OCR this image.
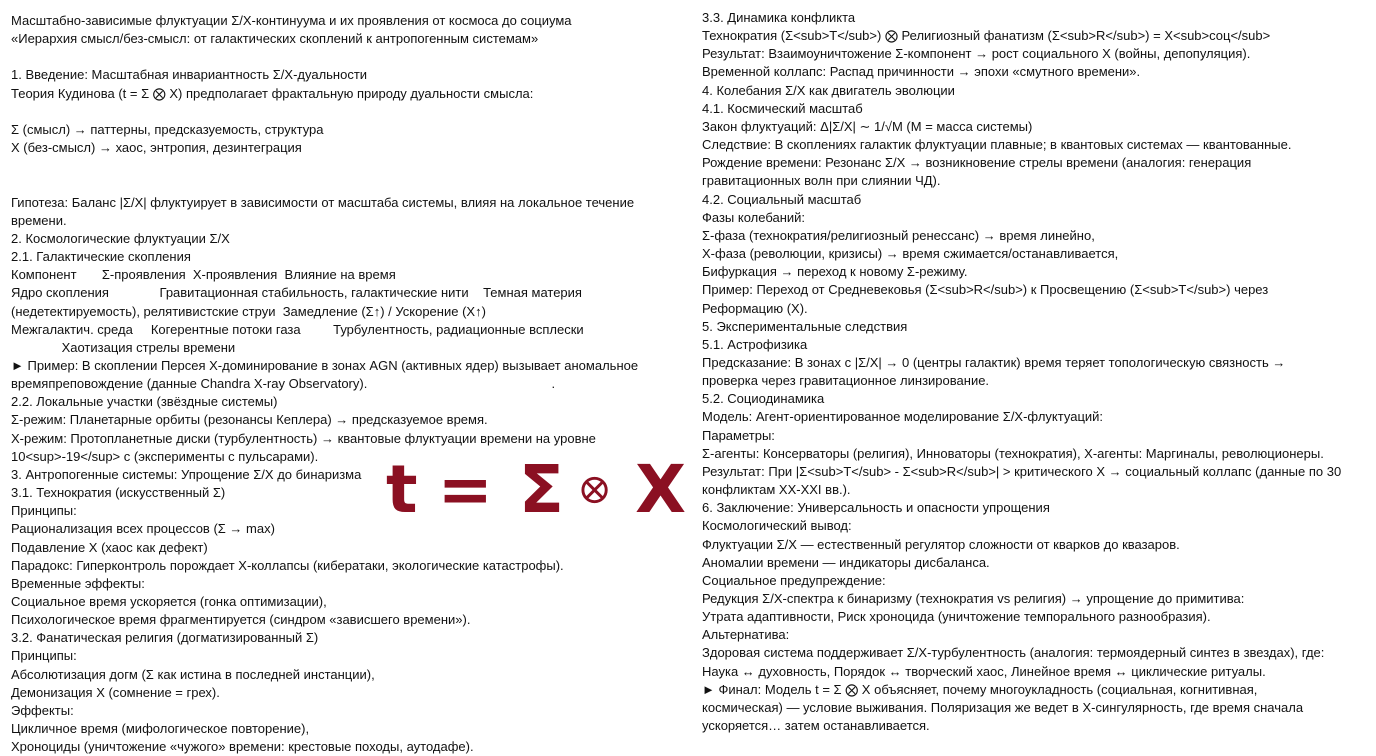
Масштабно-зависимые флуктуации Σ/X-континуума и их проявления от космоса до социума
«Иерархия смысл/без-смысл: от галактических скоплений к антропогенным системам»

1. Введение: Масштабная инвариантность Σ/X-дуальности
Теория Кудинова (t = Σ ⨂ X) предполагает фрактальную природу дуальности смысла:

Σ (смысл) → паттерны, предсказуемость, структура
X (без-смысл) → хаос, энтропия, дезинтеграция

Гипотеза: Баланс |Σ/X| флуктуирует в зависимости от масштаба системы, влияя на локальное течение
времени.
2. Космологические флуктуации Σ/X
2.1. Галактические скопления
Компонент       Σ-проявления  X-проявления  Влияние на время
Ядро скопления              Гравитационная стабильность, галактические нити    Темная материя
(недетектируемость), релятивистские струи  Замедление (Σ↑) / Ускорение (X↑)
Межгалактич. среда     Когерентные потоки газа         Турбулентность, радиационные всплески
Хаотизация стрелы времени
► Пример: В скоплении Персея X-доминирование в зонах AGN (активных ядер) вызывает аномальное
времяпреповождение (данные Chandra X-ray Observatory).                                                   .
2.2. Локальные участки (звёздные системы)
Σ-режим: Планетарные орбиты (резонансы Кеплера) → предсказуемое время.
X-режим: Протопланетные диски (турбулентность) → квантовые флуктуации времени на уровне
10<sup>-19</sup> с (эксперименты с пульсарами).
3. Антропогенные системы: Упрощение Σ/X до бинаризма
3.1. Технократия (искусственный Σ)
Принципы:
Рационализация всех процессов (Σ → max)
Подавление X (хаос как дефект)
Парадокс: Гиперконтроль порождает X-коллапсы (кибератаки, экологические катастрофы).
Временные эффекты:
Социальное время ускоряется (гонка оптимизации),
Психологическое время фрагментируется (синдром «зависшего времени»).
3.2. Фанатическая религия (догматизированный Σ)
Принципы:
Абсолютизация догм (Σ как истина в последней инстанции),
Демонизация X (сомнение = грех).
Эффекты:
Цикличное время (мифологическое повторение),
Хроноциды (уничтожение «чужого» времени: крестовые походы, аутодафе).
3.3. Динамика конфликта
Технократия (Σ<sub>T</sub>) ⨂ Религиозный фанатизм (Σ<sub>R</sub>) = X<sub>соц</sub>
Результат: Взаимоуничтожение Σ-компонент → рост социального X (войны, депопуляция).
Временной коллапс: Распад причинности → эпохи «смутного времени».
4. Колебания Σ/X как двигатель эволюции
4.1. Космический масштаб
Закон флуктуаций: Δ|Σ/X| ∼ 1/√M (M = масса системы)
Следствие: В скоплениях галактик флуктуации плавные; в квантовых системах — квантованные.
Рождение времени: Резонанс Σ/X → возникновение стрелы времени (аналогия: генерация
гравитационных волн при слиянии ЧД).
4.2. Социальный масштаб
Фазы колебаний:
Σ-фаза (технократия/религиозный ренессанс) → время линейно,
X-фаза (революции, кризисы) → время сжимается/останавливается,
Бифуркация → переход к новому Σ-режиму.
Пример: Переход от Средневековья (Σ<sub>R</sub>) к Просвещению (Σ<sub>T</sub>) через
Реформацию (X).
5. Экспериментальные следствия
5.1. Астрофизика
Предсказание: В зонах с |Σ/X| → 0 (центры галактик) время теряет топологическую связность →
проверка через гравитационное линзирование.
5.2. Социодинамика
Модель: Агент-ориентированное моделирование Σ/X-флуктуаций:
Параметры:
Σ-агенты: Консерваторы (религия), Инноваторы (технократия), X-агенты: Маргиналы, революционеры.
Результат: При |Σ<sub>T</sub> - Σ<sub>R</sub>| > критического X → социальный коллапс (данные по 30
конфликтам XX-XXI вв.).
6. Заключение: Универсальность и опасности упрощения
Космологический вывод:
Флуктуации Σ/X — естественный регулятор сложности от кварков до квазаров.
Аномалии времени — индикаторы дисбаланса.
Социальное предупреждение:
Редукция Σ/X-спектра к бинаризму (технократия vs религия) → упрощение до примитива:
Утрата адаптивности, Риск хроноцида (уничтожение темпорального разнообразия).
Альтернатива:
Здоровая система поддерживает Σ/X-турбулентность (аналогия: термоядерный синтез в звездах), где:
Наука ↔ духовность, Порядок ↔ творческий хаос, Линейное время ↔ циклические ритуалы.
► Финал: Модель t = Σ ⨂ X объясняет, почему многоукладность (социальная, когнитивная,
космическая) — условие выживания. Поляризация же ведет в X-сингулярность, где время сначала
ускоряется… затем останавливается.
t = Σ X
